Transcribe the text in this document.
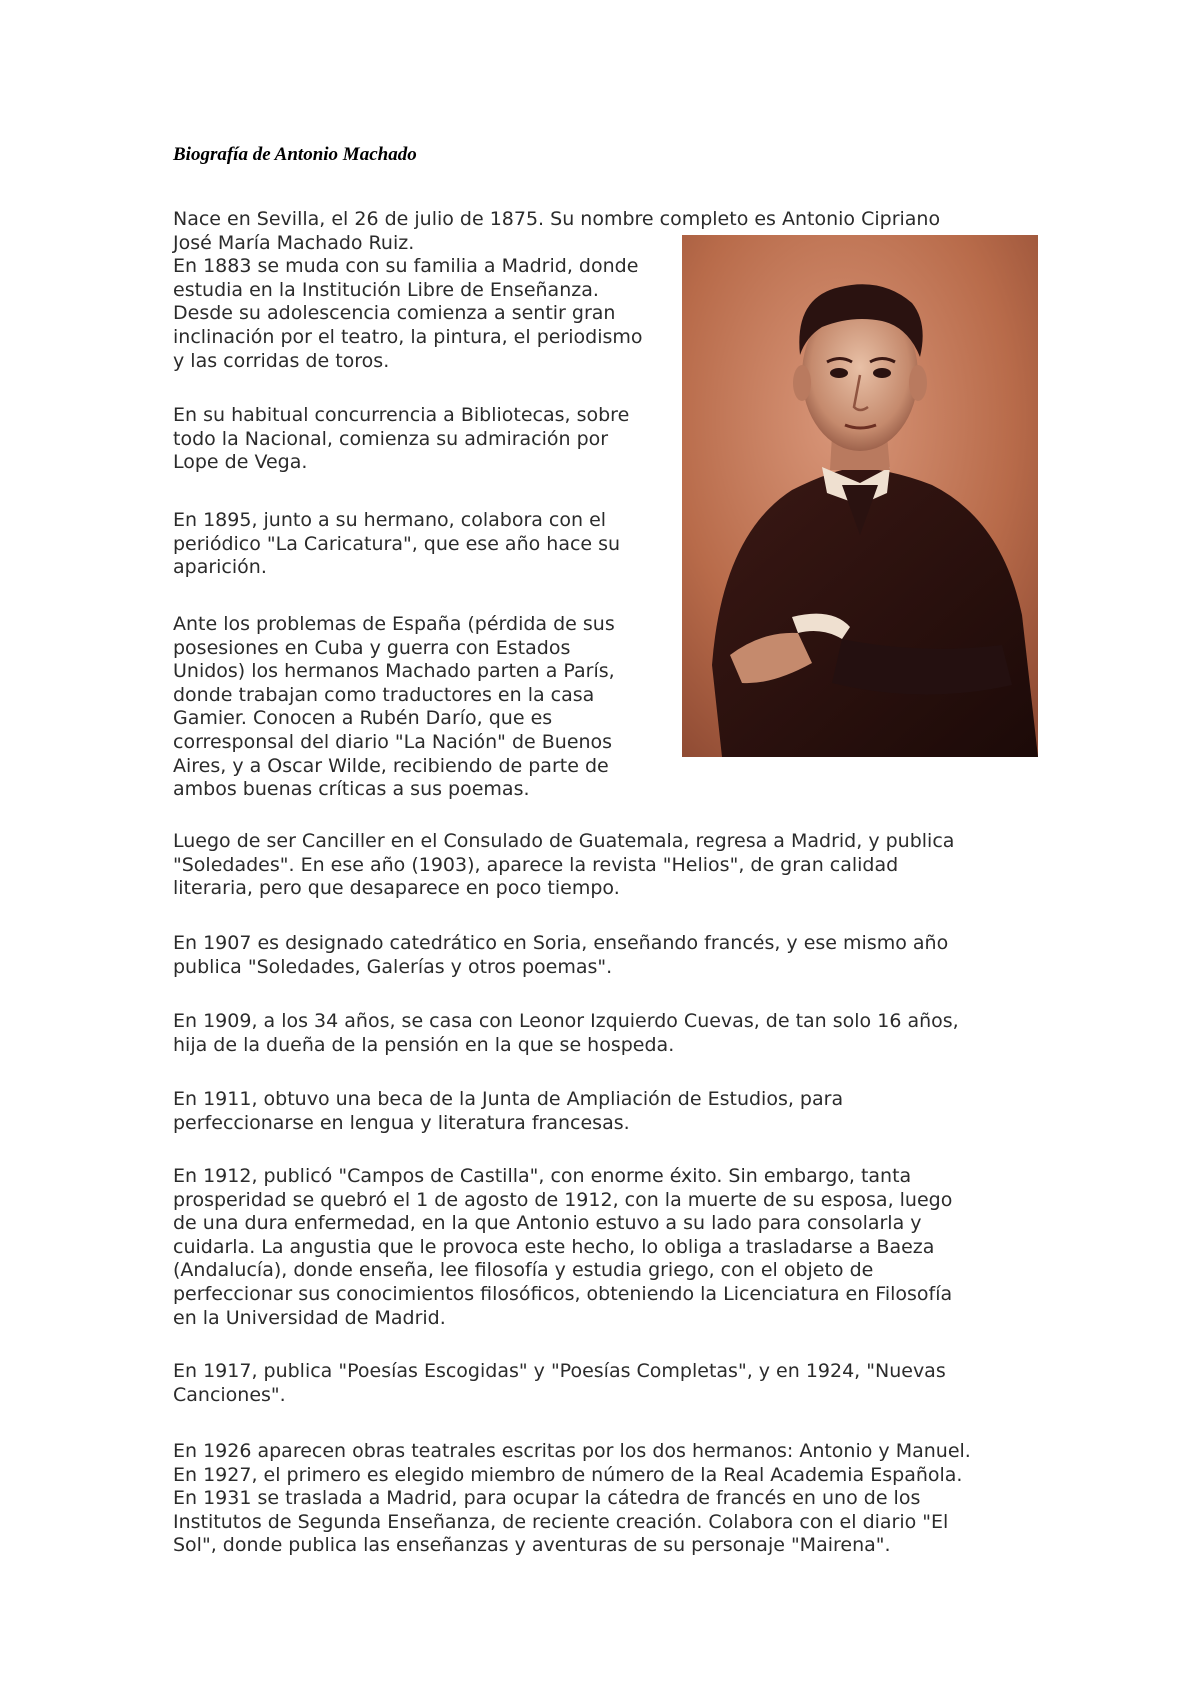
Biografía de Antonio Machado

Nace en Sevilla, el 26 de julio de 1875. Su nombre completo es Antonio Cipriano
José María Machado Ruiz.
En 1883 se muda con su familia a Madrid, donde
estudia en la Institución Libre de Enseñanza.
Desde su adolescencia comienza a sentir gran
inclinación por el teatro, la pintura, el periodismo
y las corridas de toros.

En su habitual concurrencia a Bibliotecas, sobre
todo la Nacional, comienza su admiración por
Lope de Vega.

En 1895, junto a su hermano, colabora con el
periódico "La Caricatura", que ese año hace su
aparición.

Ante los problemas de España (pérdida de sus
posesiones en Cuba y guerra con Estados
Unidos) los hermanos Machado parten a París,
donde trabajan como traductores en la casa
Gamier. Conocen a Rubén Darío, que es
corresponsal del diario "La Nación" de Buenos
Aires, y a Oscar Wilde, recibiendo de parte de
ambos buenas críticas a sus poemas.

Luego de ser Canciller en el Consulado de Guatemala, regresa a Madrid, y publica
"Soledades". En ese año (1903), aparece la revista "Helios", de gran calidad
literaria, pero que desaparece en poco tiempo.

En 1907 es designado catedrático en Soria, enseñando francés, y ese mismo año
publica "Soledades, Galerías y otros poemas".

En 1909, a los 34 años, se casa con Leonor Izquierdo Cuevas, de tan solo 16 años,
hija de la dueña de la pensión en la que se hospeda.

En 1911, obtuvo una beca de la Junta de Ampliación de Estudios, para
perfeccionarse en lengua y literatura francesas.

En 1912, publicó "Campos de Castilla", con enorme éxito. Sin embargo, tanta
prosperidad se quebró el 1 de agosto de 1912, con la muerte de su esposa, luego
de una dura enfermedad, en la que Antonio estuvo a su lado para consolarla y
cuidarla. La angustia que le provoca este hecho, lo obliga a trasladarse a Baeza
(Andalucía), donde enseña, lee filosofía y estudia griego, con el objeto de
perfeccionar sus conocimientos filosóficos, obteniendo la Licenciatura en Filosofía
en la Universidad de Madrid.

En 1917, publica "Poesías Escogidas" y "Poesías Completas", y en 1924, "Nuevas
Canciones".

En 1926 aparecen obras teatrales escritas por los dos hermanos: Antonio y Manuel.
En 1927, el primero es elegido miembro de número de la Real Academia Española.
En 1931 se traslada a Madrid, para ocupar la cátedra de francés en uno de los
Institutos de Segunda Enseñanza, de reciente creación. Colabora con el diario "El
Sol", donde publica las enseñanzas y aventuras de su personaje "Mairena".
